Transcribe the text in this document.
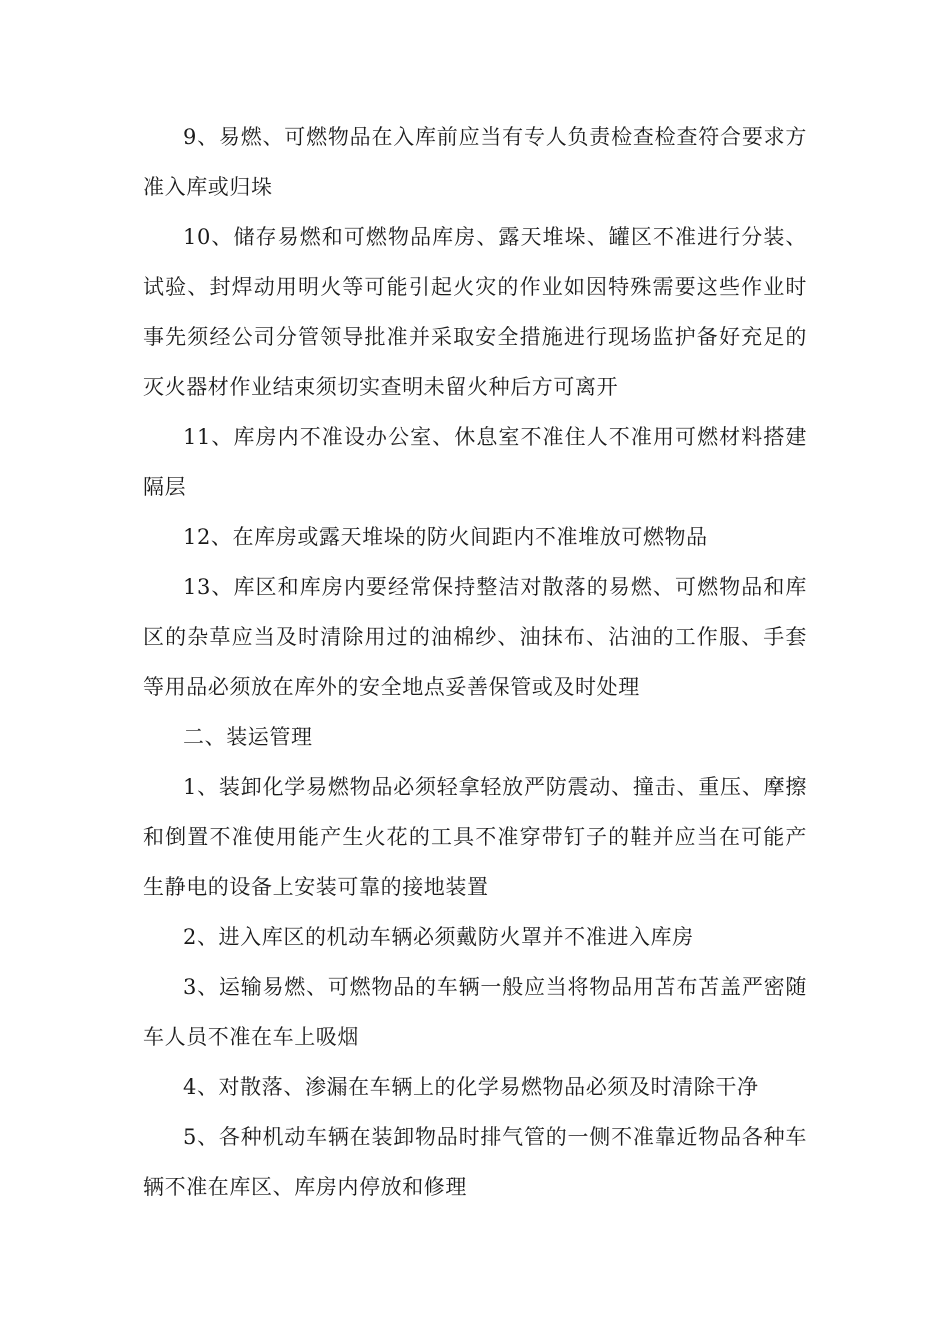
9、易燃、可燃物品在入库前应当有专人负责检查检查符合要求方准入库或归垛

10、储存易燃和可燃物品库房、露天堆垛、罐区不准进行分装、试验、封焊动用明火等可能引起火灾的作业如因特殊需要这些作业时事先须经公司分管领导批准并采取安全措施进行现场监护备好充足的灭火器材作业结束须切实查明未留火种后方可离开

11、库房内不准设办公室、休息室不准住人不准用可燃材料搭建隔层

12、在库房或露天堆垛的防火间距内不准堆放可燃物品

13、库区和库房内要经常保持整洁对散落的易燃、可燃物品和库区的杂草应当及时清除用过的油棉纱、油抹布、沾油的工作服、手套等用品必须放在库外的安全地点妥善保管或及时处理

二、装运管理

1、装卸化学易燃物品必须轻拿轻放严防震动、撞击、重压、摩擦和倒置不准使用能产生火花的工具不准穿带钉子的鞋并应当在可能产生静电的设备上安装可靠的接地装置

2、进入库区的机动车辆必须戴防火罩并不准进入库房

3、运输易燃、可燃物品的车辆一般应当将物品用苫布苫盖严密随车人员不准在车上吸烟

4、对散落、渗漏在车辆上的化学易燃物品必须及时清除干净

5、各种机动车辆在装卸物品时排气管的一侧不准靠近物品各种车辆不准在库区、库房内停放和修理
